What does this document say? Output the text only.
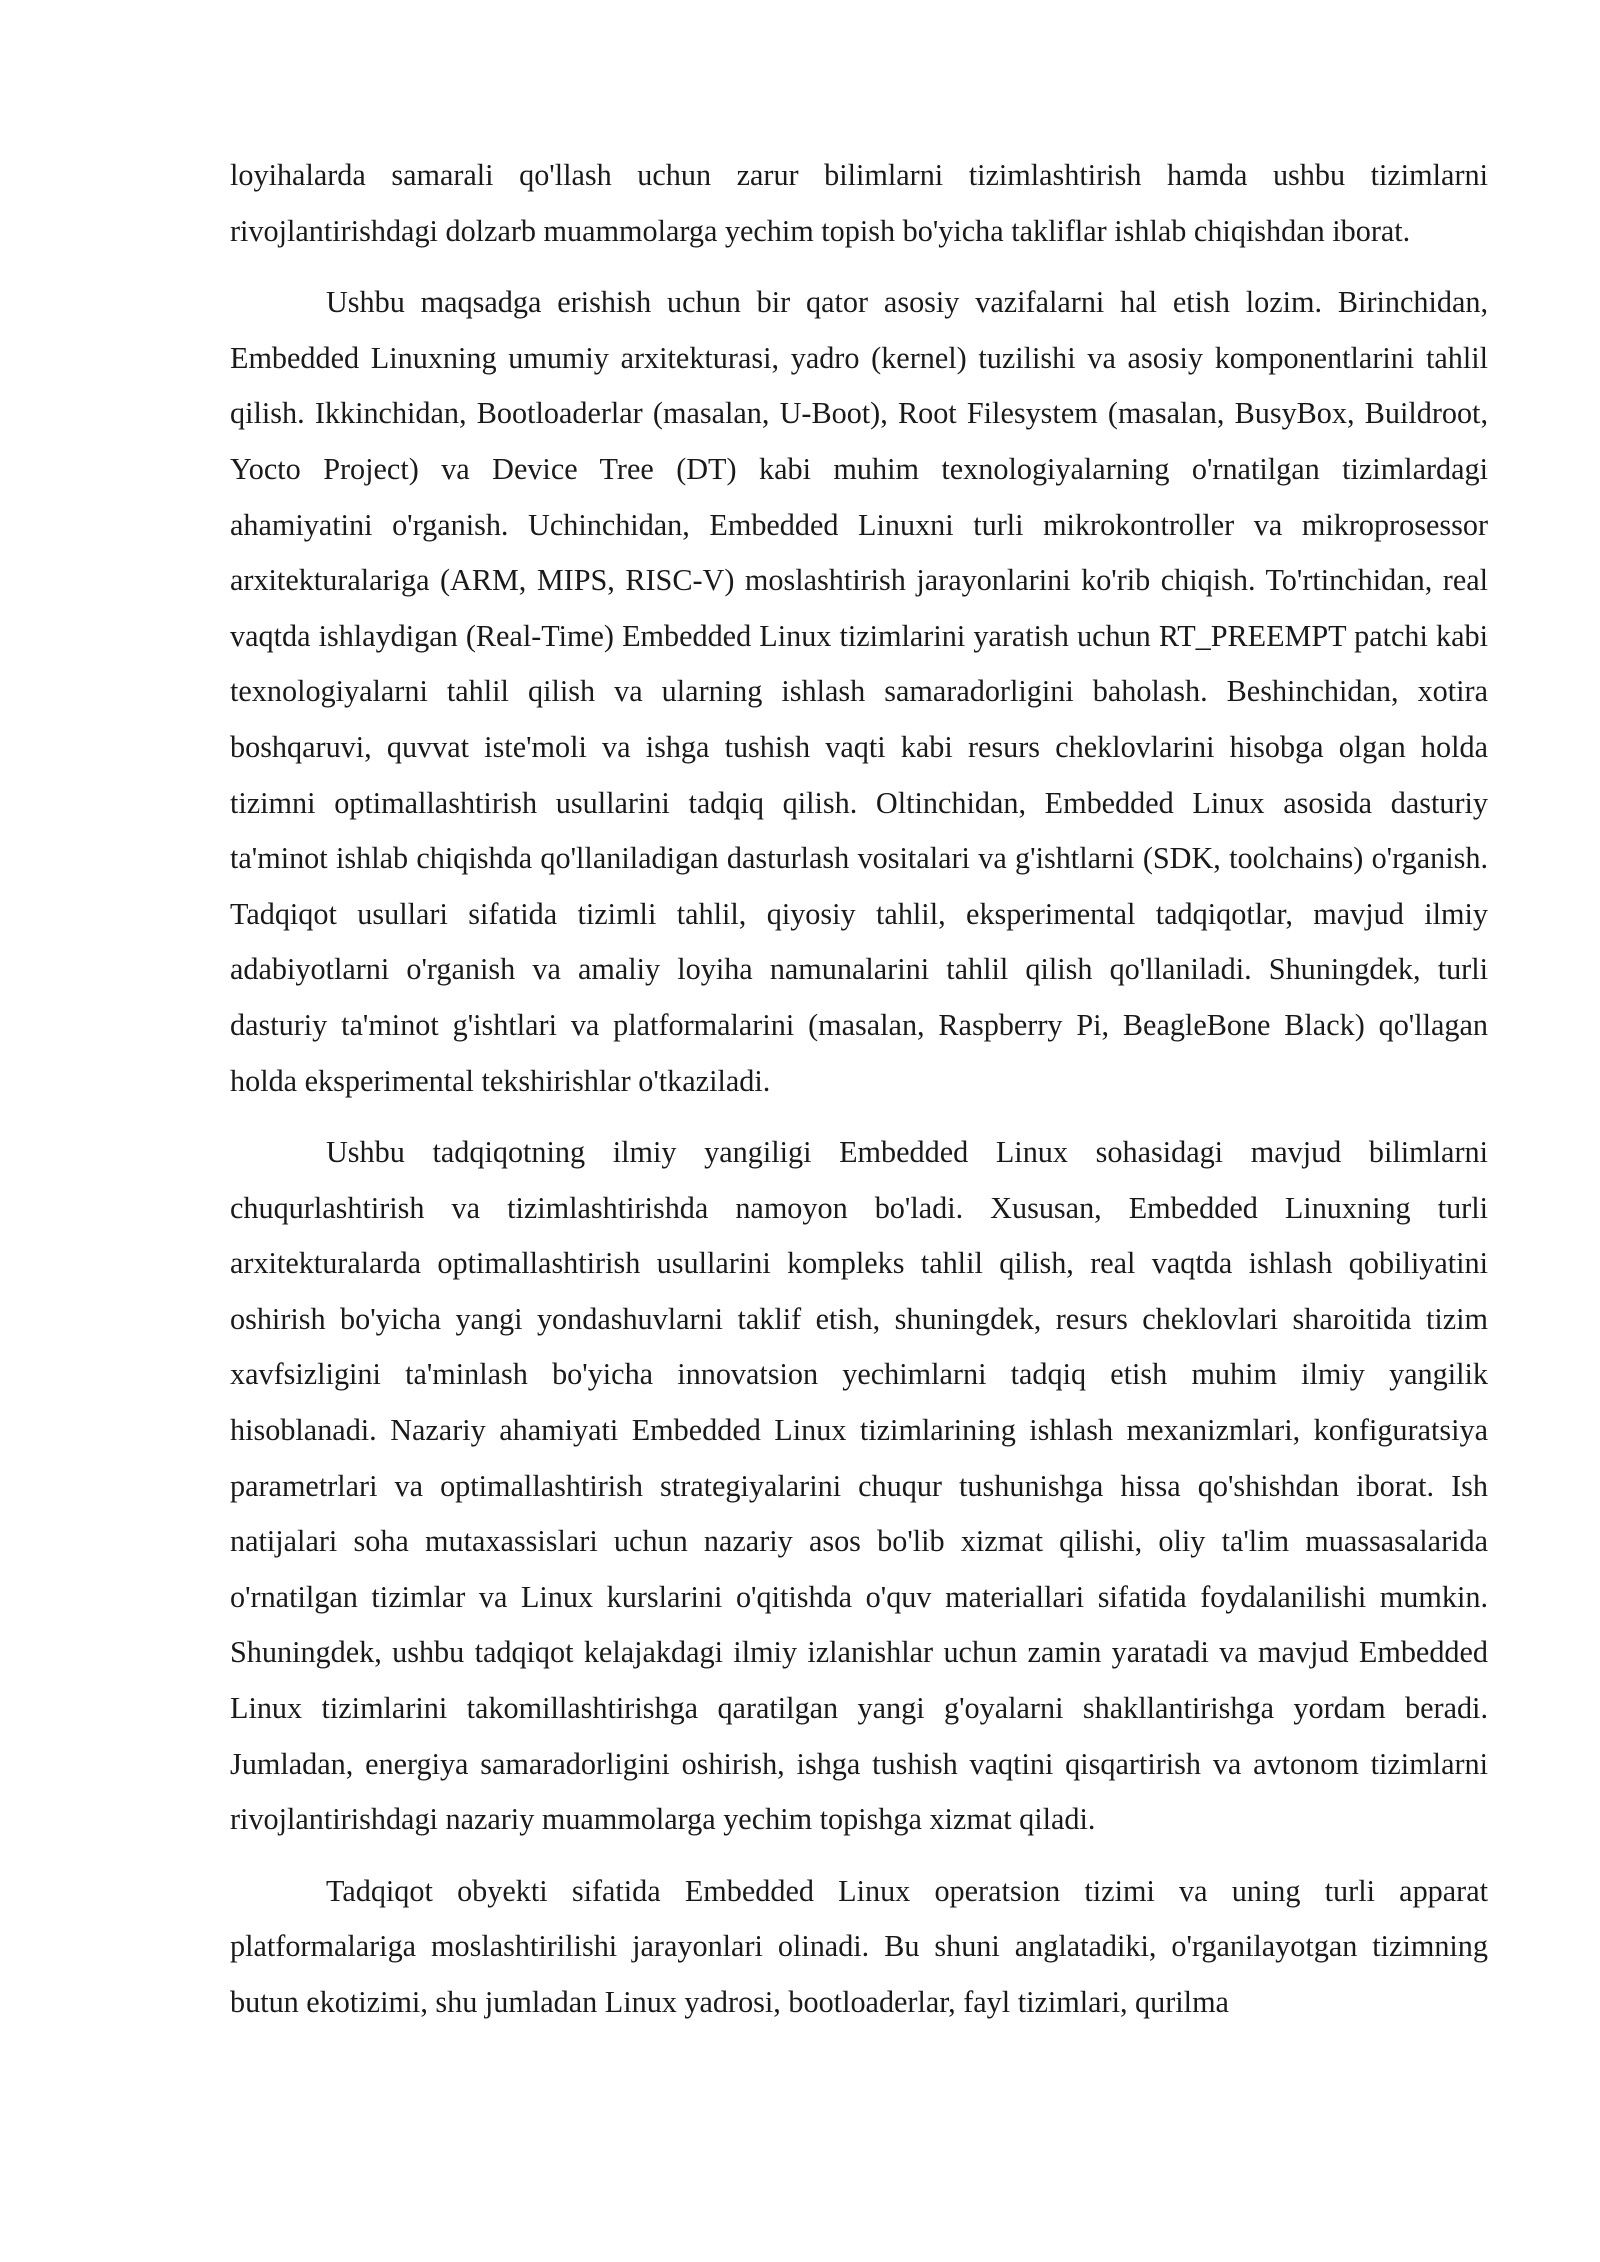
loyihalarda samarali qo'llash uchun zarur bilimlarni tizimlashtirish hamda ushbu tizimlarni rivojlantirishdagi dolzarb muammolarga yechim topish bo'yicha takliflar ishlab chiqishdan iborat.

Ushbu maqsadga erishish uchun bir qator asosiy vazifalarni hal etish lozim. Birinchidan, Embedded Linuxning umumiy arxitekturasi, yadro (kernel) tuzilishi va asosiy komponentlarini tahlil qilish. Ikkinchidan, Bootloaderlar (masalan, U-Boot), Root Filesystem (masalan, BusyBox, Buildroot, Yocto Project) va Device Tree (DT) kabi muhim texnologiyalarning o'rnatilgan tizimlardagi ahamiyatini o'rganish. Uchinchidan, Embedded Linuxni turli mikrokontroller va mikroprosessor arxitekturalariga (ARM, MIPS, RISC-V) moslashtirish jarayonlarini ko'rib chiqish. To'rtinchidan, real vaqtda ishlaydigan (Real-Time) Embedded Linux tizimlarini yaratish uchun RT_PREEMPT patchi kabi texnologiyalarni tahlil qilish va ularning ishlash samaradorligini baholash. Beshinchidan, xotira boshqaruvi, quvvat iste'moli va ishga tushish vaqti kabi resurs cheklovlarini hisobga olgan holda tizimni optimallashtirish usullarini tadqiq qilish. Oltinchidan, Embedded Linux asosida dasturiy ta'minot ishlab chiqishda qo'llaniladigan dasturlash vositalari va g'ishtlarni (SDK, toolchains) o'rganish. Tadqiqot usullari sifatida tizimli tahlil, qiyosiy tahlil, eksperimental tadqiqotlar, mavjud ilmiy adabiyotlarni o'rganish va amaliy loyiha namunalarini tahlil qilish qo'llaniladi. Shuningdek, turli dasturiy ta'minot g'ishtlari va platformalarini (masalan, Raspberry Pi, BeagleBone Black) qo'llagan holda eksperimental tekshirishlar o'tkaziladi.

Ushbu tadqiqotning ilmiy yangiligi Embedded Linux sohasidagi mavjud bilimlarni chuqurlashtirish va tizimlashtirishda namoyon bo'ladi. Xususan, Embedded Linuxning turli arxitekturalarda optimallashtirish usullarini kompleks tahlil qilish, real vaqtda ishlash qobiliyatini oshirish bo'yicha yangi yondashuvlarni taklif etish, shuningdek, resurs cheklovlari sharoitida tizim xavfsizligini ta'minlash bo'yicha innovatsion yechimlarni tadqiq etish muhim ilmiy yangilik hisoblanadi. Nazariy ahamiyati Embedded Linux tizimlarining ishlash mexanizmlari, konfiguratsiya parametrlari va optimallashtirish strategiyalarini chuqur tushunishga hissa qo'shishdan iborat. Ish natijalari soha mutaxassislari uchun nazariy asos bo'lib xizmat qilishi, oliy ta'lim muassasalarida o'rnatilgan tizimlar va Linux kurslarini o'qitishda o'quv materiallari sifatida foydalanilishi mumkin. Shuningdek, ushbu tadqiqot kelajakdagi ilmiy izlanishlar uchun zamin yaratadi va mavjud Embedded Linux tizimlarini takomillashtirishga qaratilgan yangi g'oyalarni shakllantirishga yordam beradi. Jumladan, energiya samaradorligini oshirish, ishga tushish vaqtini qisqartirish va avtonom tizimlarni rivojlantirishdagi nazariy muammolarga yechim topishga xizmat qiladi.

Tadqiqot obyekti sifatida Embedded Linux operatsion tizimi va uning turli apparat platformalariga moslashtirilishi jarayonlari olinadi. Bu shuni anglatadiki, o'rganilayotgan tizimning butun ekotizimi, shu jumladan Linux yadrosi, bootloaderlar, fayl tizimlari, qurilma
